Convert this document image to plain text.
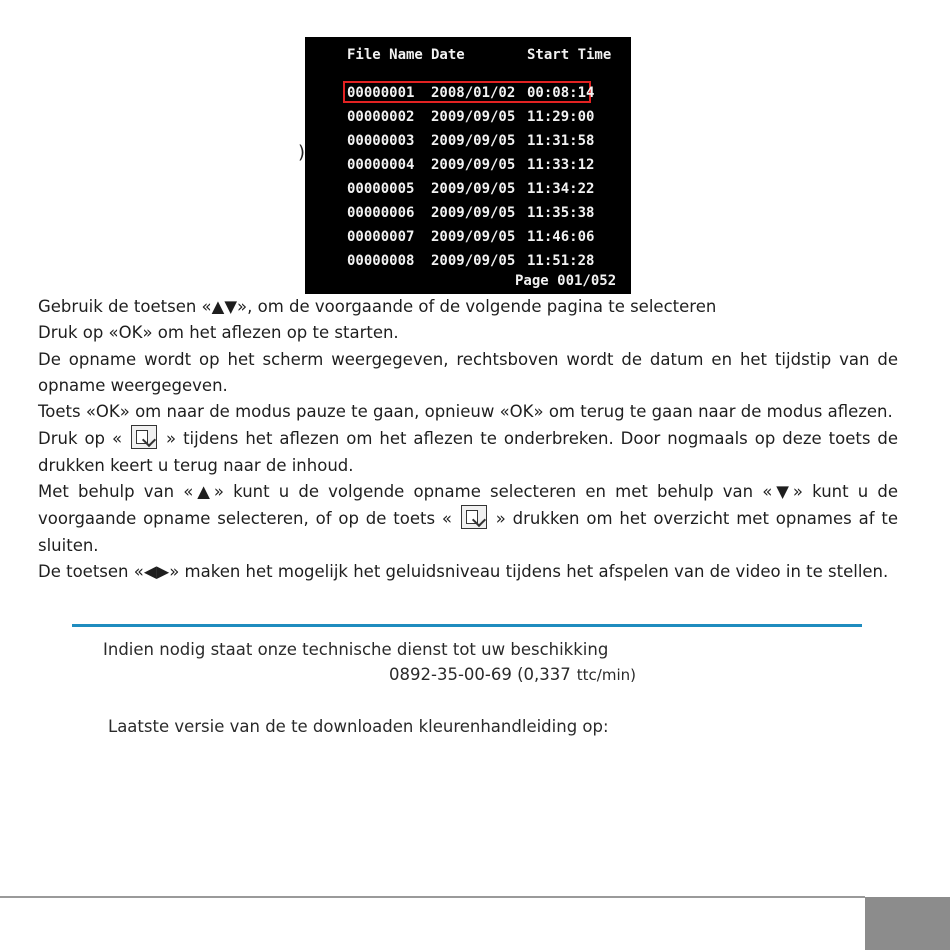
File Name Date	Start Time
00000001 2008/01/02 00:08:14
00000002 2009/09/05 11:29:00
00000003 2009/09/05 11:31:58
00000004 2009/09/05 11:33:12
00000005 2009/09/05 11:34:22
00000006 2009/09/05 11:35:38
00000007 2009/09/05 11:46:06
00000008 2009/09/05 11:51:28
Page 001/052
)

Gebruik de toetsen «▲▼», om de voorgaande of de volgende pagina te selecteren

Druk op «OK» om het aflezen op te starten.

De opname wordt op het scherm weergegeven, rechtsboven wordt de datum en het tijdstip van de opname weergegeven.

Toets «OK» om naar de modus pauze te gaan, opnieuw «OK» om terug te gaan naar de modus aflezen.

Druk op «	» tijdens het aflezen om het aflezen te onderbreken. Door nogmaals op deze toets de drukken keert u terug naar de inhoud.

Met behulp van «▲» kunt u de volgende opname selecteren en met behulp van «▼» kunt u de voorgaande opname selecteren, of op de toets «	» drukken om het overzicht met opnames af te sluiten.

De toetsen «◀▶» maken het mogelijk het geluidsniveau tijdens het afspelen van de video in te stellen.

Indien nodig staat onze technische dienst tot uw beschikking
0892-35-00-69 (0,337 ttc/min)
Laatste versie van de te downloaden kleurenhandleiding op:
